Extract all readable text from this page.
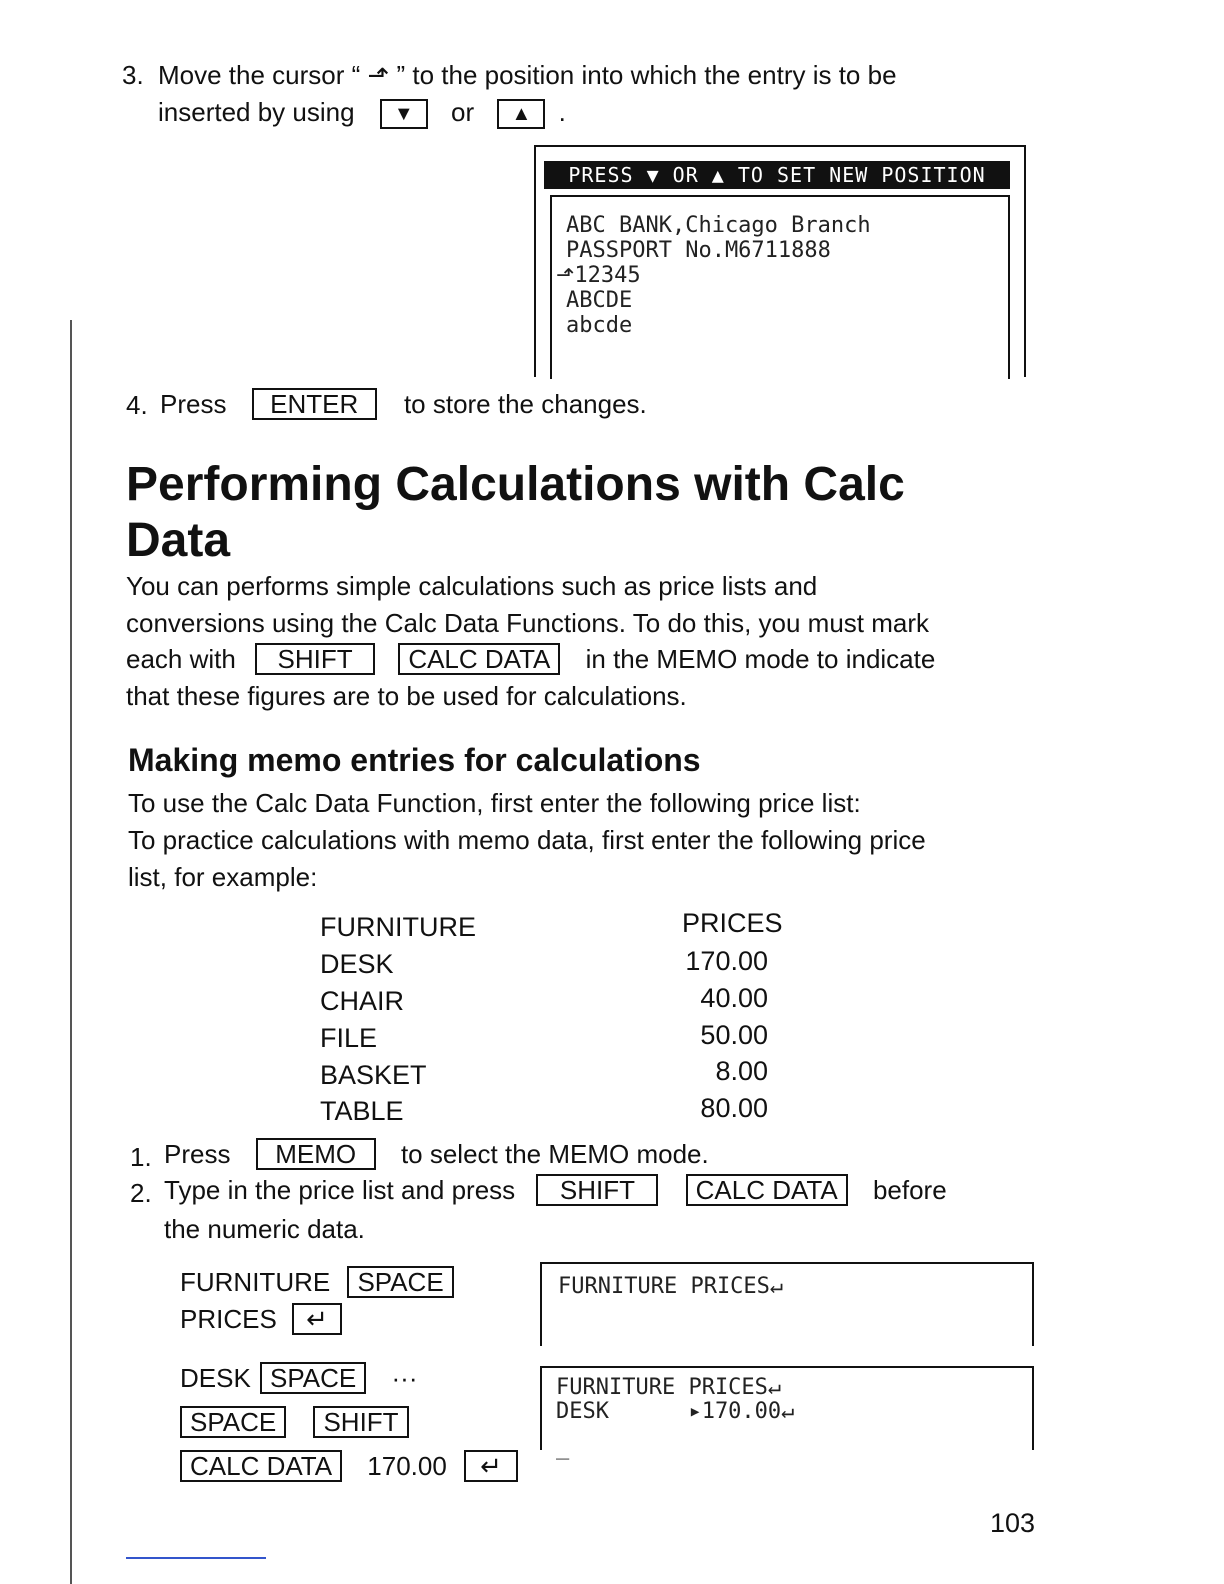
3. Move the cursor “ ⬏ ” to the position into which the entry is to be
inserted by using ▼ or ▲ .
PRESS ▼ OR ▲ TO SET NEW POSITION
ABC BANK,Chicago Branch
PASSPORT No.M6711888
⬏12345
ABCDE
abcde
4. Press ENTER to store the changes.
Performing Calculations with Calc
Data
You can performs simple calculations such as price lists and
conversions using the Calc Data Functions. To do this, you must mark
each with SHIFT CALC DATA in the MEMO mode to indicate
that these figures are to be used for calculations.
Making memo entries for calculations
To use the Calc Data Function, first enter the following price list:
To practice calculations with memo data, first enter the following price
list, for example:
FURNITURE	PRICES
DESK	170.00
CHAIR	40.00
FILE	50.00
BASKET	8.00
TABLE	80.00
1. Press MEMO to select the MEMO mode.
2. Type in the price list and press SHIFT CALC DATA before
the numeric data.
FURNITURE SPACE
PRICES ↵
FURNITURE PRICES↵
DESK SPACE ···
SPACE SHIFT
CALC DATA 170.00 ↵
FURNITURE PRICES↵
DESK      ▸170.00↵
_
103
